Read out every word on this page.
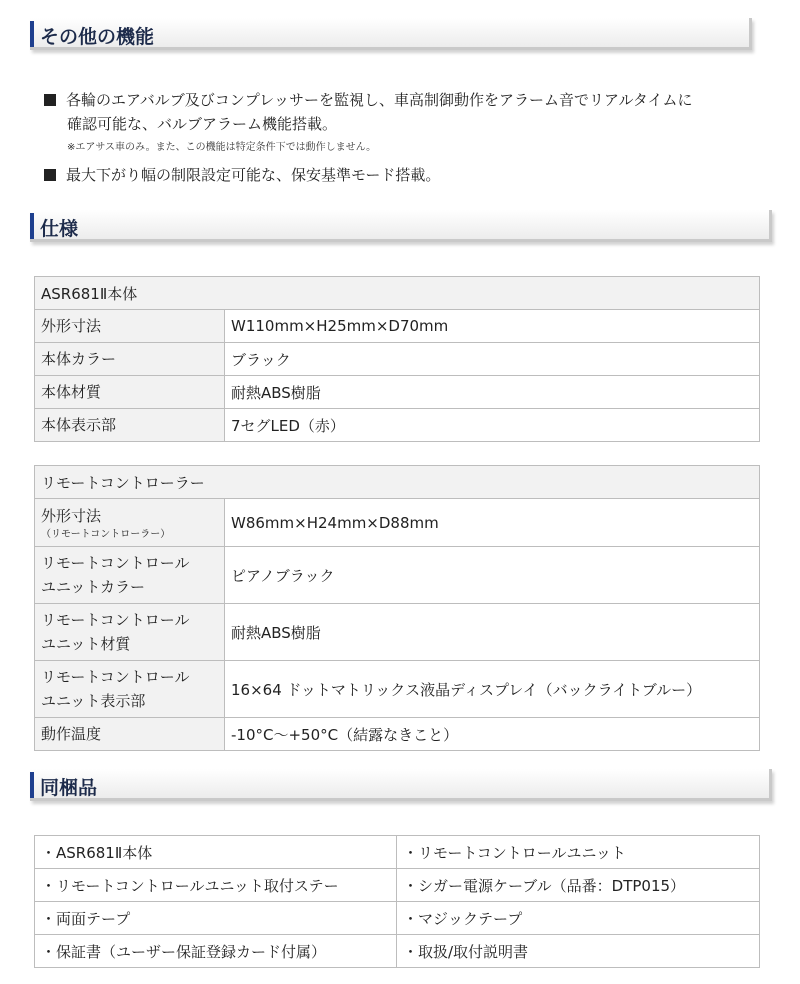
その他の機能
各輪のエアバルブ及びコンプレッサーを監視し、車高制御動作をアラーム音でリアルタイムに
確認可能な、バルブアラーム機能搭載。
※エアサス車のみ。また、この機能は特定条件下では動作しません。
最大下がり幅の制限設定可能な、保安基準モード搭載。
仕様
ASR681Ⅱ本体	
外形寸法	W110mm×H25mm×D70mm
本体カラー	ブラック
本体材質	耐熱ABS樹脂
本体表示部	7セグLED（赤）
リモートコントローラー	
外形寸法
（リモートコントローラー）	W86mm×H24mm×D88mm

リモートコントロール
ユニットカラー	ピアノブラック

リモートコントロール
ユニット材質	耐熱ABS樹脂

リモートコントロール
ユニット表示部	16×64 ドットマトリックス液晶ディスプレイ（バックライトブルー）
動作温度	-10°C～+50°C（結露なきこと）
同梱品
・ASR681Ⅱ本体	・リモートコントロールユニット
・リモートコントロールユニット取付ステー	・シガー電源ケーブル（品番：DTP015）
・両面テープ	・マジックテープ
・保証書（ユーザー保証登録カード付属）	・取扱/取付説明書
